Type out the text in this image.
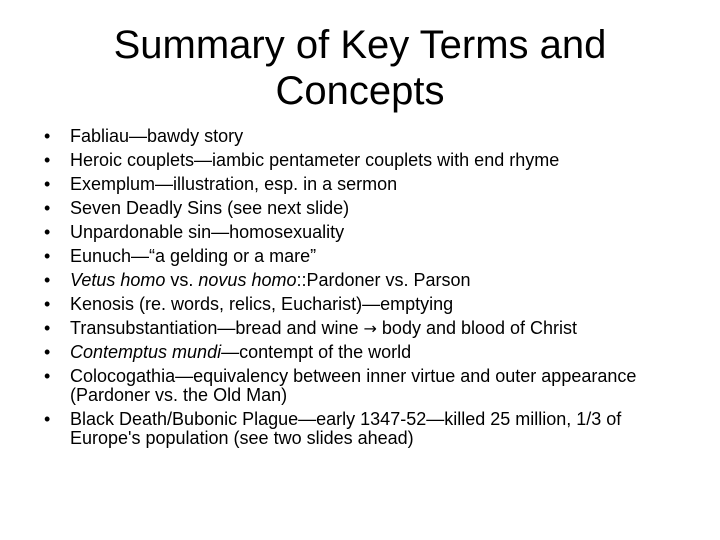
Summary of Key Terms and
Concepts
• Fabliau—bawdy story
• Heroic couplets—iambic pentameter couplets with end rhyme
• Exemplum—illustration, esp. in a sermon
• Seven Deadly Sins (see next slide)
• Unpardonable sin—homosexuality
• Eunuch—“a gelding or a mare”
• Vetus homo vs. novus homo::Pardoner vs. Parson
• Kenosis (re. words, relics, Eucharist)—emptying
• Transubstantiation—bread and wine → body and blood of Christ
• Contemptus mundi—contempt of the world
• Colocogathia—equivalency between inner virtue and outer appearance (Pardoner vs. the Old Man)
• Black Death/Bubonic Plague—early 1347-52—killed 25 million, 1/3 of Europe's population (see two slides ahead)
